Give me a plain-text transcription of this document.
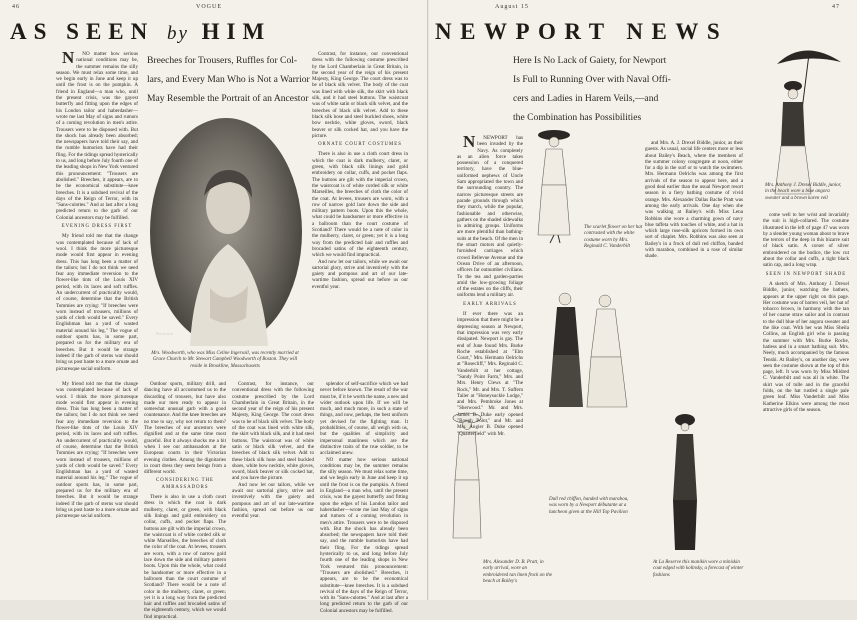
46	VOGUE
AS SEEN by HIM
Breeches for Trousers, Ruffles for Col-
lars, and Every Man Who is Not a Warrior
May Resemble the Portrait of an Ancestor

N	NO matter how serious national conditions may be, the summer remains the silly season. We must relax some time, and we begin early in June and keep it up until the frost is on the pumpkin. A friend in England—a man who, until the present crisis, was the gayest butterfly and fitting upon the edges of his London tailor and haberdasher—wrote me last May of signs and rumors of a coming revolution in men's attire. Trousers were to be disposed with. But the shock has already been absorbed; the newspapers have told their say, and the rumble humorists have had their fling. For the tidings spread hysterically to us, and long before July fourth one of the leading shops in New York ventured this pronouncement: "Trousers are abolished." Breeches, it appears, are to be the economical substitute—knee breeches. It is a subdued revival of the days of the Reign of Terror, with its "Sans-culottes." And at last after a long predicted return to the garb of our Colonial ancestors may be fulfilled.

EVENING DRESS FIRST

My friend told me that the change was contemplated because of lack of wool. I think the more picturesque mode would first appear in evening dress. This has long been a matter of the tailors; but I do not think we need fear any immediate reversion to the flower-like tints of the Louis XIV period, with its laces and soft ruffles. An undercurrent of practicality would, of course, determine that the British Tommies are crying: "If breeches were worn instead of trousers, millions of yards of cloth would be saved." Every Englishman has a yard of wasted material around his leg." The vogue of outdoor sports has, in some part, prepared us for the military era of breeches. But it would be strange indeed if the garb of sterns war should bring us post haste to a more ornate and picturesque social uniform.

Bachrach
Mrs. Woodworth, who was Miss Celine Ingersoll, was recently married at Grace Church to Mr. Stewart Campbell Woodworth of Boston. They will reside in Brookline, Massachusetts

Contrast, for instance, our conventional dress with the following costume prescribed by the Lord Chamberlain in Great Britain, in the second year of the reign of his present Majesty, King George. The court dress was to be of black silk velvet. The body of the coat was lined with white silk, the skirt with black silk, and it had steel buttons. The waistcoat was of white satin or black silk velvet, and the breeches of black silk velvet. Add to these black silk hose and steel buckled shoes, white bow necktie, white gloves, sword, black beaver or silk cocked hat, and you have the picture.

ORNATE COURT COSTUMES

There is also in use a cloth court dress in which the coat is dark mulberry, claret, or green, with black silk linings and gold embroidery on collar, cuffs, and pocket flaps. The buttons are gilt with the imperial crown, the waistcoat is of white corded silk or white Marseilles, the breeches of cloth the color of the coat. At levees, trousers are worn, with a row of narrow gold lace down the side and military pattern boots. Upon this the whole, what could be handsomer or more effective in a ballroom than the court costume of Scotland? There would be a note of color in the mulberry, claret, or green; yet it is a long way from the predicted hair and ruffles and brocaded satins of the eighteenth century, which we would find impractical.

And now let our tailors, while we await our sartorial glory, strive and inventively with the gaiety and pompous and art of our late-wartime fashion, spread out before us our eventful year.

My friend told me that the change was contemplated because of lack of wool. I think the more picturesque mode would first appear in evening dress. This has long been a matter of the tailors; but I do not think we need fear any immediate reversion to the flower-like tints of the Louis XIV period, with its laces and soft ruffles. An undercurrent of practicality would, of course, determine that the British Tommies are crying: "If breeches were worn instead of trousers, millions of yards of cloth would be saved." Every Englishman has a yard of wasted material around his leg." The vogue of outdoor sports has, in some part, prepared us for the military era of breeches. But it would be strange indeed if the garb of sterns war should bring us post haste to a more ornate and picturesque social uniform.

Outdoor sports, military drill, and dancing have all accustomed us to the discarding of trousers, but have also made our men ready to appear in somewhat unusual garb with a good countenance. And the knee breeches are no true to say, why not return to them? The breeches of our ancestors were dignified and at the same time most graceful. But it always shocks me a bit when I see our ambassadors at the European courts in their Victorian evening clothes. Among the dignitaries in court dress they seem beings from a different world.

CONSIDERING THE AMBASSADORS

There is also in use a cloth court dress in which the coat is dark mulberry, claret, or green, with black silk linings and gold embroidery on collar, cuffs, and pocket flaps. The buttons are gilt with the imperial crown, the waistcoat is of white corded silk or white Marseilles, the breeches of cloth the color of the coat. At levees, trousers are worn, with a row of narrow gold lace down the side and military pattern boots. Upon this the whole, what could be handsomer or more effective in a ballroom than the court costume of Scotland? There would be a note of color in the mulberry, claret, or green; yet it is a long way from the predicted hair and ruffles and brocaded satins of the eighteenth century, which we would find impractical.

Contrast, for instance, our conventional dress with the following costume prescribed by the Lord Chamberlain in Great Britain, in the second year of the reign of his present Majesty, King George. The court dress was to be of black silk velvet. The body of the coat was lined with white silk, the skirt with black silk, and it had steel buttons. The waistcoat was of white satin or black silk velvet, and the breeches of black silk velvet. Add to these black silk hose and steel buckled shoes, white bow necktie, white gloves, sword, black beaver or silk cocked hat, and you have the picture.

And now let our tailors, while we await our sartorial glory, strive and inventively with the gaiety and pompous and art of our late-wartime fashion, spread out before us our eventful year.

splendor of self-sacrifice which we had never before known. The result of the war must be, if it be worth the name, a new and wider outlook upon life. If we will be much, and much more, in such a state of things, and now, perhaps, the best uniform yet devised for the fighting man. It probabilities, of course, all weigh with us, but the qualities of simplicity and impersonal manliness which are the distinctive traits of the true soldier, to be acclaimed anew.

NO matter how serious national conditions may be, the summer remains the silly season. We must relax some time, and we begin early in June and keep it up until the frost is on the pumpkin. A friend in England—a man who, until the present crisis, was the gayest butterfly and fitting upon the edges of his London tailor and haberdasher—wrote me last May of signs and rumors of a coming revolution in men's attire. Trousers were to be disposed with. But the shock has already been absorbed; the newspapers have told their say, and the rumble humorists have had their fling. For the tidings spread hysterically to us, and long before July fourth one of the leading shops in New York ventured this pronouncement: "Trousers are abolished." Breeches, it appears, are to be the economical substitute—knee breeches. It is a subdued revival of the days of the Reign of Terror, with its "Sans-culottes." And at last after a long predicted return to the garb of our Colonial ancestors may be fulfilled.

August 15	47
NEWPORT NEWS
Here Is No Lack of Gaiety, for Newport
Is Full to Running Over with Naval Offi-
cers and Ladies in Harem Veils,—and
the Combination has Possibilities
Mrs. Anthony J. Drexel Biddle, junior, in the beach wore a blue angora sweater and a brown karen veil
The scarlet flower on her hat contrasted with the white costume worn by Mrs. Reginald C. Vanderbilt
Mrs. Alexander D. B. Pratt, in early arrival, wore an embroidered tan linen frock on the beach at Bailey's
Dull red chiffon, banded with marabou, was worn by a Newport débutante at a luncheon given at the Hill Top Pavilion
At La Reserve this manikin wore a miniskin coat edged with kolinsky, a forecast of winter fashions

N	NEWPORT has been invaded by the Navy. As completely as an alien force takes possession of a conquered territory, have the blue-uniformed nephews of Uncle Sam appropriated the town and the surrounding country. The narrow picturesque streets are parade grounds through which they march, while the popular, fashionable and otherwise, gathers on the shaded sidewalks in admiring groups. Uniforms are more plentiful than bathing-suits at the beach. Of the men in the smart motors and quietly-furnished carriages which crowd Bellevue Avenue and the Ocean Drive of an afternoon, officers far outnumber civilians. To the tea and garden-parties amid the low-growing foliage of the estates on the cliffs, their uniforms lend a military air.

EARLY ARRIVALS

If ever there was an impression that there might be a depressing season at Newport, that impression was very early dissipated. Newport is gay. The end of June found Mrs. Burke Roche established at "Elm Court," Mrs. Hermann Oelrichs at "Rosecliff," Mrs. Reginald C. Vanderbilt at her cottage, "Sandy Point Farm," Mrs. and Mrs. Henry Clews at "The Rock," Mr. and Mrs. T. Suffern Tailer at "Honeysuckle Lodge," and Mrs. Pembroke Jones at "Sherwood." Mr. and Mrs. James B. Duke early opened "Rough Point," and Mr. and Mrs. Angier B. Duke opened "Quarterfield" with Mr.

and Mrs. A. J. Drexel Biddle, junior, as their guests. As usual, social life centers more or less about Bailey's Beach, where the members of the summer colony congregate at noon, either for a dip in the surf or to watch the swimmers. Mrs. Hermann Oelrichs was among the first arrivals of the season to appear here, and a good deal earlier than the usual Newport resort season in a fiery bathing costume of vivid orange. Mrs. Alexander Dallas Bache Pratt was among the early arrivals. One day when she was walking at Bailey's with Miss Lena Robbins she wore a charming gown of navy blue taffeta with touches of white, and a hat in which large rose-silk apricots formed its own sort of chaplet. Mrs. Robbins was also seen at Bailey's in a frock of dull red chiffon, banded with marabou, combined in a rose of similar shade.

come well to her wrist and invariably the suit is high-collared. The costume illustrated in the left of page 47 was worn by a slender young woman about to brave the terrors of the deep in this bizarre suit of black satin. A corset of silver embroidered on the bodice, the low cut about the collar and cuffs, a tight black satin cap, and a long wrap.

SEEN IN NEWPORT SHADE

A sketch of Mrs. Anthony J. Drexel Biddle, junior, watching the bathers, appears at the upper right on this page. Her costume was of barren veil, her hat of tobacco brown, in harmony with the tan of her coarse straw sailor and in contrast to the dull blue of her angora sweater and the like coat. With her was Miss Sheila Collins, an English girl who is passing the summer with Mrs. Burke Roche, hatless and in a smart bathing suit. Mrs. Neely, much accompanied by the famous Tenshi. At Bailey's, on another day, were seen the costume shown at the top of this page, left. It was worn by Miss Mildred C. Vanderbilt and was all in white. The skirt was of tulle and in the graceful folds, on the hat rustled a single pale green leaf. Miss Vanderbilt and Miss Katherine Elkins were among the most attractive girls of the season.
